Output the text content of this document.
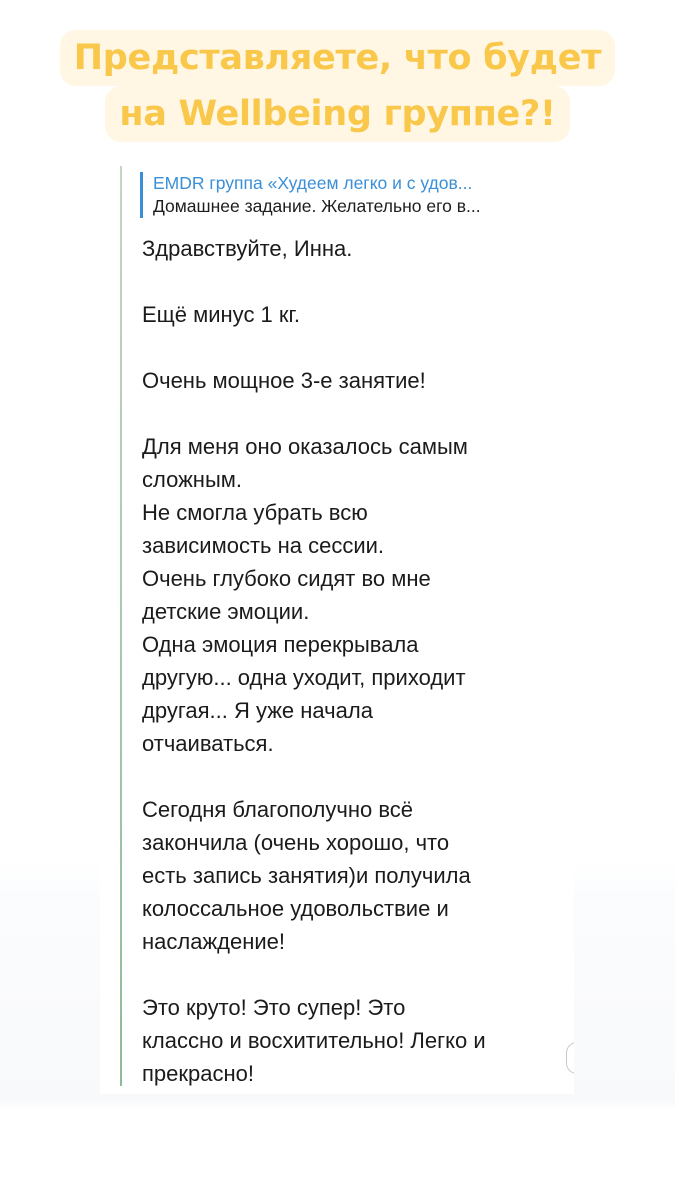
Представляете, что будет
на Wellbeing группе?!
EMDR группа «Худеем легко и с удов...
Домашнее задание. Желательно его в...
Здравствуйте, Инна.
Ещё минус 1 кг.
Очень мощное 3-е занятие!
Для меня оно оказалось самым
сложным.
Не смогла убрать всю
зависимость на сессии.
Очень глубоко сидят во мне
детские эмоции.
Одна эмоция перекрывала
другую... одна уходит, приходит
другая... Я уже начала
отчаиваться.
Сегодня благополучно всё
закончила (очень хорошо, что
есть запись занятия)и получила
колоссальное удовольствие и
наслаждение!
Это круто! Это супер! Это
классно и восхитительно! Легко и
прекрасно!
